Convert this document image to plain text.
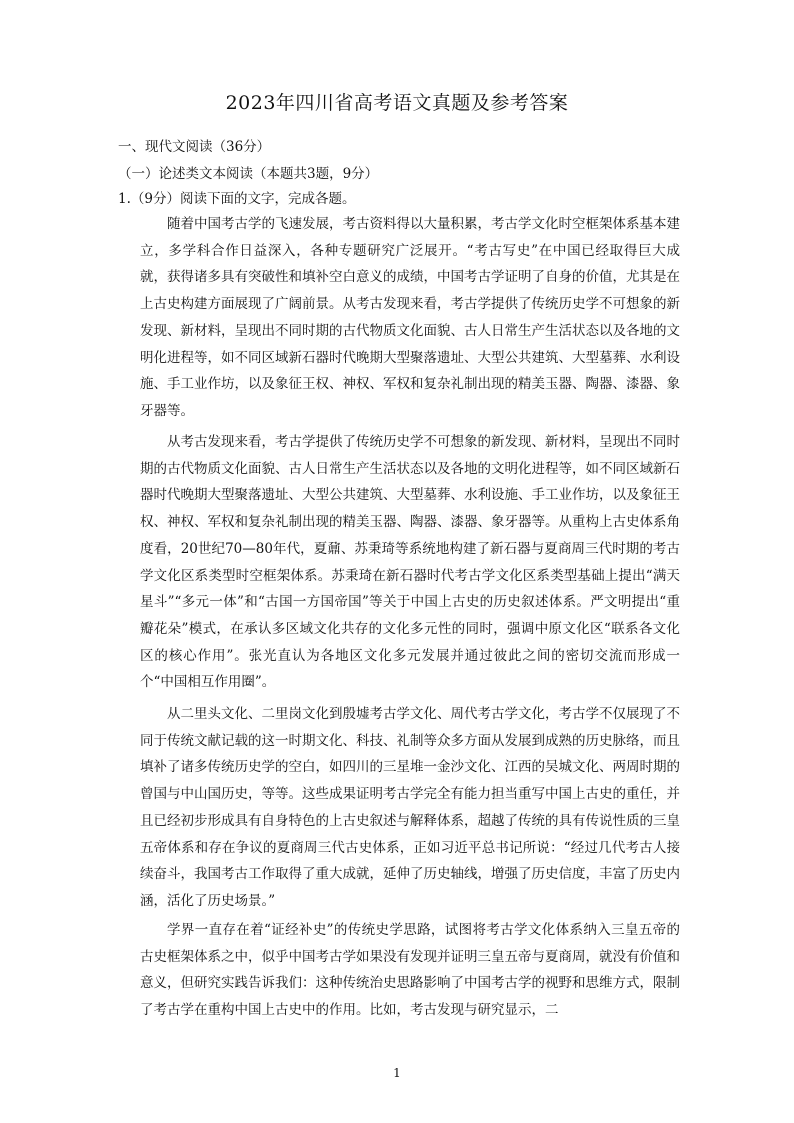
2023年四川省高考语文真题及参考答案
一、现代文阅读（36分）
（一）论述类文本阅读（本题共3题，9分）
1.（9分）阅读下面的文字，完成各题。

随着中国考古学的飞速发展，考古资料得以大量积累，考古学文化时空框架体系基本建立，多学科合作日益深入，各种专题研究广泛展开。“考古写史”在中国已经取得巨大成就，获得诸多具有突破性和填补空白意义的成绩，中国考古学证明了自身的价值，尤其是在上古史构建方面展现了广阔前景。从考古发现来看，考古学提供了传统历史学不可想象的新发现、新材料，呈现出不同时期的古代物质文化面貌、古人日常生产生活状态以及各地的文明化进程等，如不同区域新石器时代晚期大型聚落遗址、大型公共建筑、大型墓葬、水利设施、手工业作坊，以及象征王权、神权、军权和复杂礼制出现的精美玉器、陶器、漆器、象牙器等。

从考古发现来看，考古学提供了传统历史学不可想象的新发现、新材料，呈现出不同时期的古代物质文化面貌、古人日常生产生活状态以及各地的文明化进程等，如不同区域新石器时代晚期大型聚落遗址、大型公共建筑、大型墓葬、水利设施、手工业作坊，以及象征王权、神权、军权和复杂礼制出现的精美玉器、陶器、漆器、象牙器等。从重构上古史体系角度看，20世纪70—80年代，夏鼐、苏秉琦等系统地构建了新石器与夏商周三代时期的考古学文化区系类型时空框架体系。苏秉琦在新石器时代考古学文化区系类型基础上提出“满天星斗”“多元一体”和“古国一方国帝国”等关于中国上古史的历史叙述体系。严文明提出“重瓣花朵”模式，在承认多区域文化共存的文化多元性的同时，强调中原文化区“联系各文化区的核心作用”。张光直认为各地区文化多元发展并通过彼此之间的密切交流而形成一个“中国相互作用圈”。

从二里头文化、二里岗文化到殷墟考古学文化、周代考古学文化，考古学不仅展现了不同于传统文献记载的这一时期文化、科技、礼制等众多方面从发展到成熟的历史脉络，而且填补了诸多传统历史学的空白，如四川的三星堆一金沙文化、江西的吴城文化、两周时期的曾国与中山国历史，等等。这些成果证明考古学完全有能力担当重写中国上古史的重任，并且已经初步形成具有自身特色的上古史叙述与解释体系，超越了传统的具有传说性质的三皇五帝体系和存在争议的夏商周三代古史体系，正如习近平总书记所说：“经过几代考古人接续奋斗，我国考古工作取得了重大成就，延伸了历史轴线，增强了历史信度，丰富了历史内涵，活化了历史场景。”

学界一直存在着“证经补史”的传统史学思路，试图将考古学文化体系纳入三皇五帝的古史框架体系之中，似乎中国考古学如果没有发现并证明三皇五帝与夏商周，就没有价值和意义，但研究实践告诉我们：这种传统治史思路影响了中国考古学的视野和思维方式，限制了考古学在重构中国上古史中的作用。比如，考古发现与研究显示，二

1
